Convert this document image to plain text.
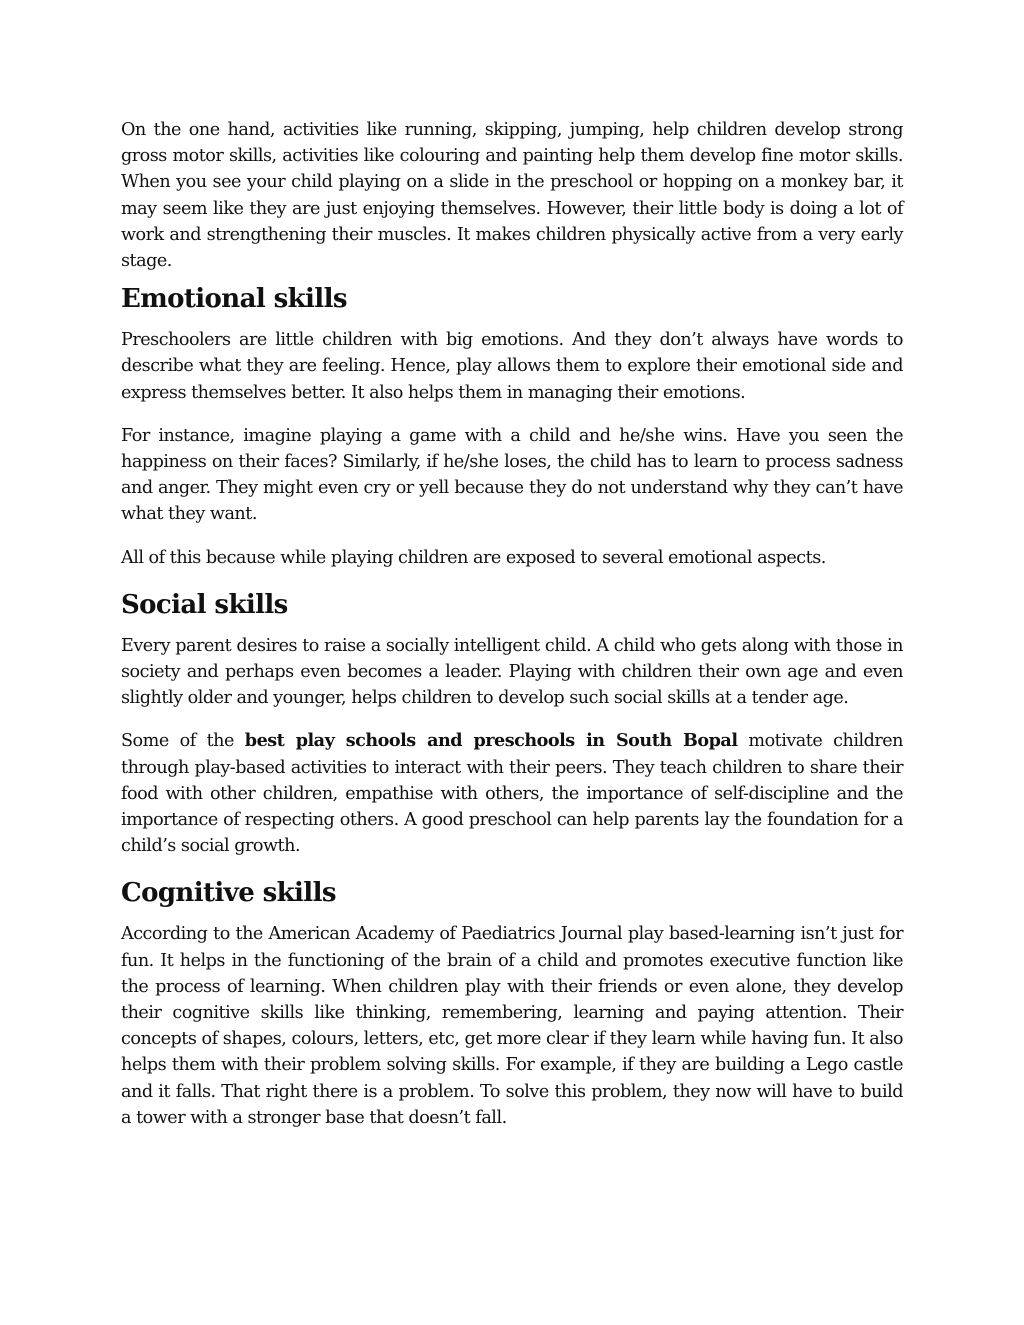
On the one hand, activities like running, skipping, jumping, help children develop strong gross motor skills, activities like colouring and painting help them develop fine motor skills. When you see your child playing on a slide in the preschool or hopping on a monkey bar, it may seem like they are just enjoying themselves. However, their little body is doing a lot of work and strengthening their muscles. It makes children physically active from a very early stage.

Emotional skills

Preschoolers are little children with big emotions. And they don’t always have words to describe what they are feeling. Hence, play allows them to explore their emotional side and express themselves better. It also helps them in managing their emotions.

For instance, imagine playing a game with a child and he/she wins. Have you seen the happiness on their faces? Similarly, if he/she loses, the child has to learn to process sadness and anger. They might even cry or yell because they do not understand why they can’t have what they want.

All of this because while playing children are exposed to several emotional aspects.

Social skills

Every parent desires to raise a socially intelligent child. A child who gets along with those in society and perhaps even becomes a leader. Playing with children their own age and even slightly older and younger, helps children to develop such social skills at a tender age.

Some of the best play schools and preschools in South Bopal motivate children through play-based activities to interact with their peers. They teach children to share their food with other children, empathise with others, the importance of self-discipline and the importance of respecting others. A good preschool can help parents lay the foundation for a child’s social growth.

Cognitive skills

According to the American Academy of Paediatrics Journal play based-learning isn’t just for fun. It helps in the functioning of the brain of a child and promotes executive function like the process of learning. When children play with their friends or even alone, they develop their cognitive skills like thinking, remembering, learning and paying attention. Their concepts of shapes, colours, letters, etc, get more clear if they learn while having fun. It also helps them with their problem solving skills. For example, if they are building a Lego castle and it falls. That right there is a problem. To solve this problem, they now will have to build a tower with a stronger base that doesn’t fall.
